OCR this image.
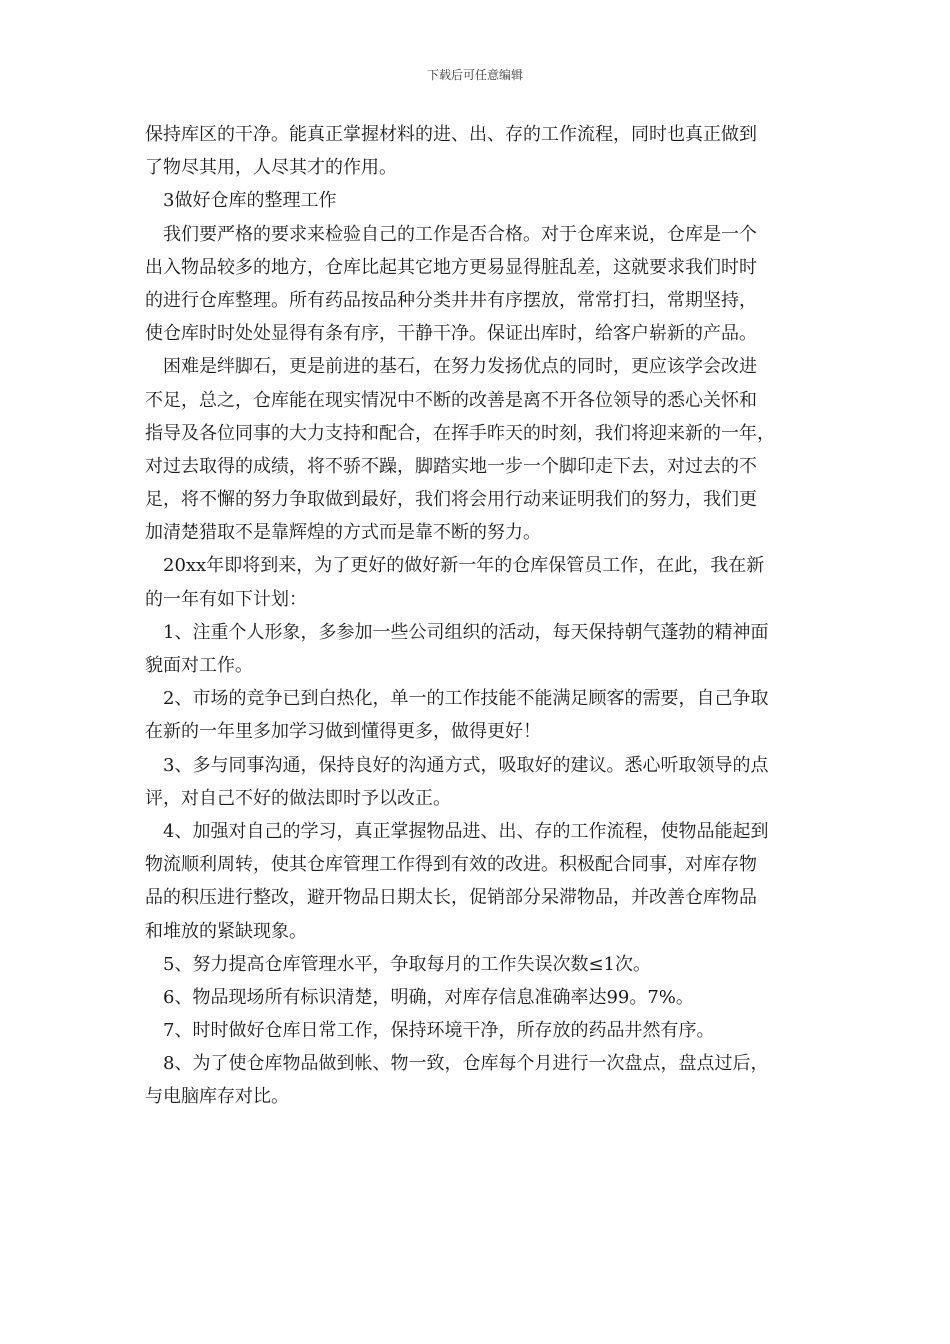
下载后可任意编辑
保持库区的干净。能真正掌握材料的进、出、存的工作流程，同时也真正做到
了物尽其用，人尽其才的作用。
3做好仓库的整理工作
我们要严格的要求来检验自己的工作是否合格。对于仓库来说，仓库是一个
出入物品较多的地方，仓库比起其它地方更易显得脏乱差，这就要求我们时时
的进行仓库整理。所有药品按品种分类井井有序摆放，常常打扫，常期坚持，
使仓库时时处处显得有条有序，干静干净。保证出库时，给客户崭新的产品。
困难是绊脚石，更是前进的基石，在努力发扬优点的同时，更应该学会改进
不足，总之，仓库能在现实情况中不断的改善是离不开各位领导的悉心关怀和
指导及各位同事的大力支持和配合，在挥手昨天的时刻，我们将迎来新的一年，
对过去取得的成绩，将不骄不躁，脚踏实地一步一个脚印走下去，对过去的不
足，将不懈的努力争取做到最好，我们将会用行动来证明我们的努力，我们更
加清楚猎取不是靠辉煌的方式而是靠不断的努力。
20xx年即将到来，为了更好的做好新一年的仓库保管员工作，在此，我在新
的一年有如下计划：
1、注重个人形象，多参加一些公司组织的活动，每天保持朝气蓬勃的精神面
貌面对工作。
2、市场的竞争已到白热化，单一的工作技能不能满足顾客的需要，自己争取
在新的一年里多加学习做到懂得更多，做得更好！
3、多与同事沟通，保持良好的沟通方式，吸取好的建议。悉心听取领导的点
评，对自己不好的做法即时予以改正。
4、加强对自己的学习，真正掌握物品进、出、存的工作流程，使物品能起到
物流顺利周转，使其仓库管理工作得到有效的改进。积极配合同事，对库存物
品的积压进行整改，避开物品日期太长，促销部分呆滞物品，并改善仓库物品
和堆放的紧缺现象。
5、努力提高仓库管理水平，争取每月的工作失误次数≤1次。
6、物品现场所有标识清楚，明确，对库存信息准确率达99。7%。
7、时时做好仓库日常工作，保持环境干净，所存放的药品井然有序。
8、为了使仓库物品做到帐、物一致，仓库每个月进行一次盘点，盘点过后，
与电脑库存对比。
